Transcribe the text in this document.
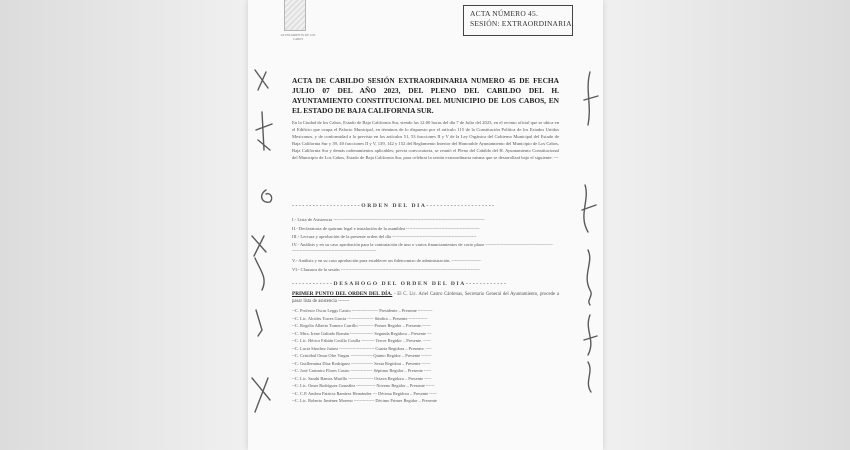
AYUNTAMIENTO DE LOS CABOS
ACTA NÚMERO 45.
SESIÓN: EXTRAORDINARIA.
ACTA DE CABILDO SESIÓN EXTRAORDINARIA NUMERO 45 DE FECHA JULIO 07 DEL AÑO 2023, DEL PLENO DEL CABILDO DEL H. AYUNTAMIENTO CONSTITUCIONAL DEL MUNICIPIO DE LOS CABOS, EN EL ESTADO DE BAJA CALIFORNIA SUR.
En la Ciudad de los Cabos, Estado de Baja California Sur, siendo las 12:00 horas del día 7 de Julio del 2023, en el recinto oficial que se ubica en el Edificio que ocupa el Palacio Municipal, en términos de lo dispuesto por el artículo 115 de la Constitución Política de los Estados Unidos Mexicanos, y de conformidad a lo previsto en los artículos 51, 53 fracciones II y V de la Ley Orgánica del Gobierno Municipal del Estado de Baja California Sur y 39, 40 fracciones II y V, 139, 142 y 152 del Reglamento Interior del Honorable Ayuntamiento del Municipio de Los Cabos, Baja California Sur y demás ordenamientos aplicables; previa convocatoria, se reunió el Pleno del Cabildo del H. Ayuntamiento Constitucional del Municipio de Los Cabos, Estado de Baja California Sur, para celebrar la sesión extraordinaria misma que se desarrollará bajo el siguiente: ---
--------------------ORDEN DEL DIA--------------------
I.- Lista de Asistencia ---------------------------------------------------------------------------------------------------
II.- Declaratoria de quórum legal e instalación de la asamblea ------------------------------------------------
III.- Lectura y aprobación de la presente orden del día -------------------------------------------------------
IV.- Análisis y en su caso aprobación para la contratación de uno o varios financiamientos de corto plazo ---------------------------------------------------------------------------------------------------
V.- Análisis y en su caso aprobación para establecer un fideicomiso de administración. -------------------
VI.- Clausura de la sesión -------------------------------------------------------------------------------------------
------------DESAHOGO DEL ORDEN DEL DIA------------
PRIMER PUNTO DEL ORDEN DEL DÍA. - El C. Lic. Ariel Castro Cárdenas, Secretario General del Ayuntamiento, procede a pasar lista de asistencia -------
--C. Profesor Oscar Leggs Castro ------------------ Presidente – Presente ----------
--C. Lic. Alcides Torres García ------------------ Síndico – Presente -------------
--C. Rogelio Alberto Tomero Carrillo ---------- Primer Regidor – Presente.------
--C. Mtra. Irene Galindo Román ---------------- Segunda Regidora – Presente ---
--C. Lic. Héctor Fabián Cosilla Cosilla --------- Tercer Regidor – Presente. -----
--C. Lucia Sánchez Juárez ------------------------ Cuarta Regidora – Presente. ----
--C. Cristóbal Omar Ofre Vargas --------------- Quinto Regidor – Presente -------
--C. Guillermina Díaz Rodríguez --------------- Sexta Regidora – Presente ------
--C. José Casimiro Flores Castro --------------- Séptimo Regidor – Presente -----
--C. Lic. Sarahi Ramos Murillo ----------------- Octava Regidora – Presente -----
--C. Lic. Omar Rodríguez González ------------- Noveno Regidor – Presente ------
--C. C.P. Andrea Patricia Ramírez Hernández --- Décima Regidora – Presente -----
--C. Lic. Roberto Jiménez Moreno -------------- Décimo Primer Regidor – Presente
